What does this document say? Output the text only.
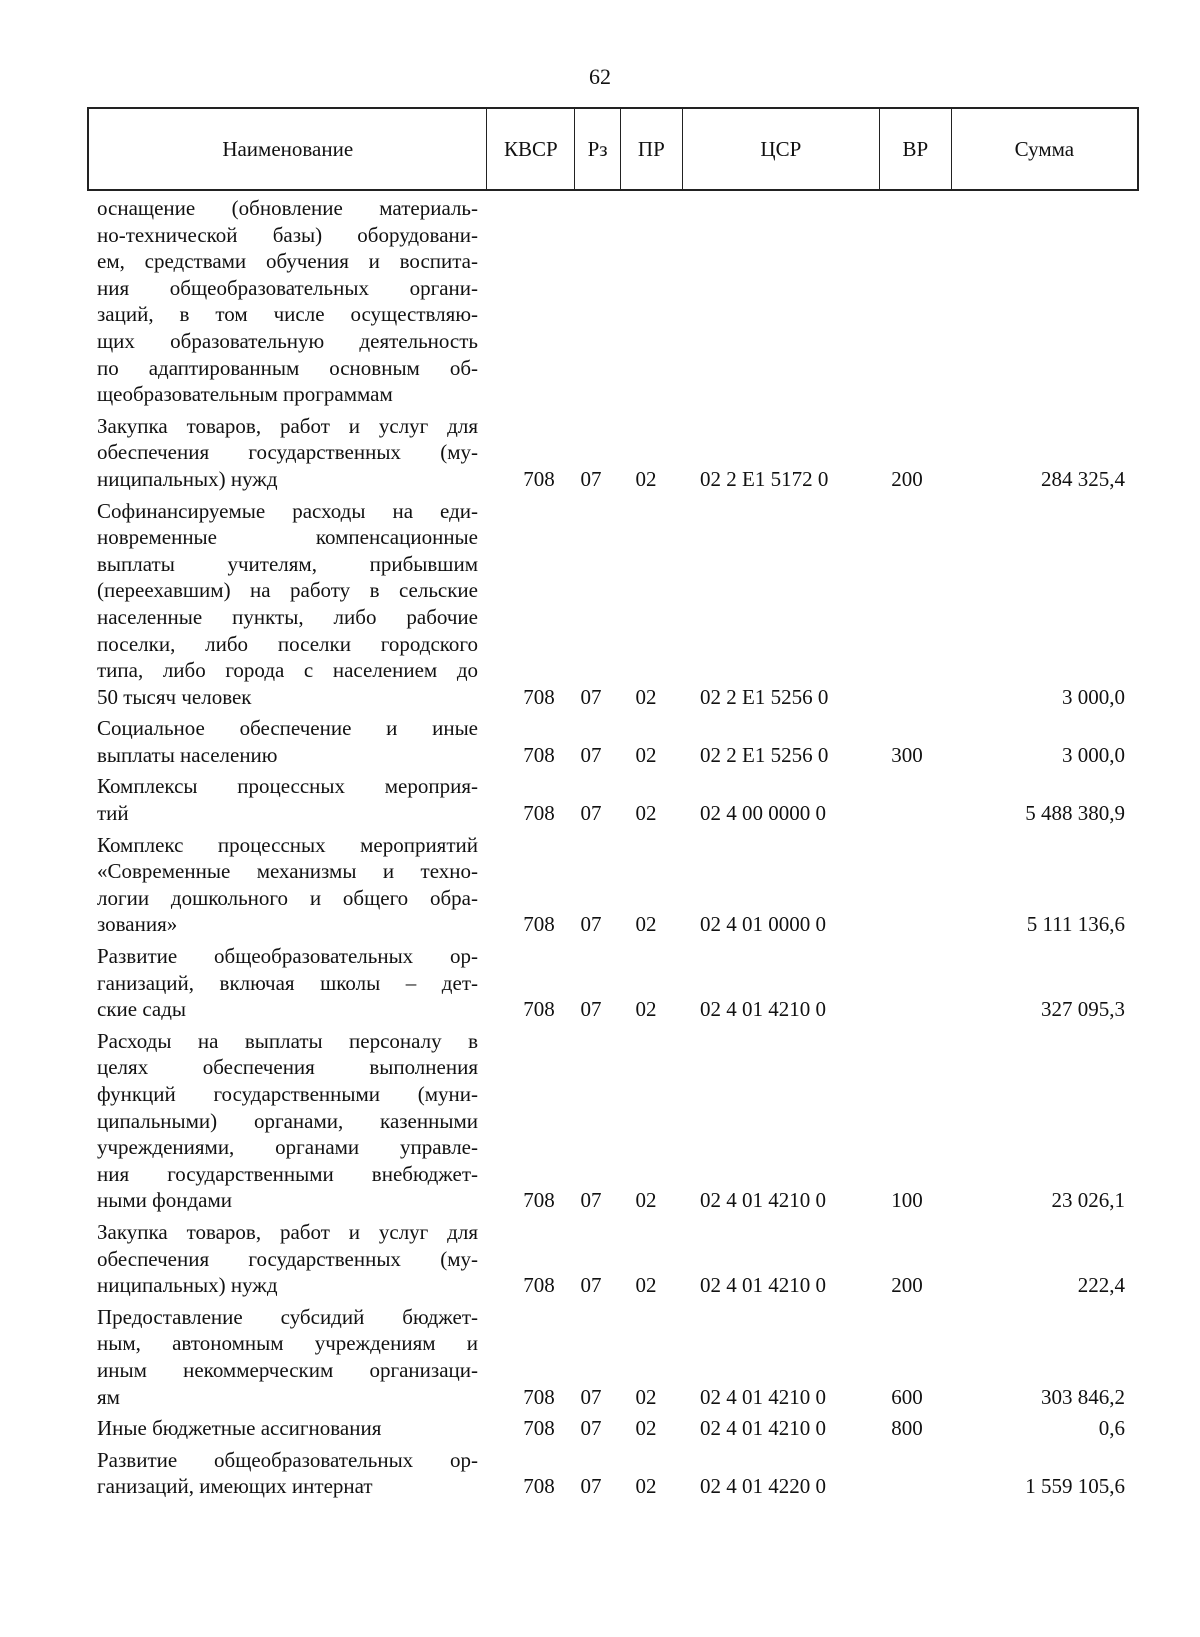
62
Наименование	КВСР	Рз	ПР	ЦСР	ВР	Сумма
оснащение (обновление материаль-
но-технической базы) оборудовани-
ем, средствами обучения и воспита-
ния общеобразовательных органи-
заций, в том числе осуществляю-
щих образовательную деятельность
по адаптированным основным об-
щеобразовательным программам
Закупка товаров, работ и услуг для
обеспечения государственных (му-
ниципальных) нужд	708	07	02	02 2 Е1 5172 0	200	284 325,4
Софинансируемые расходы на еди-
новременные компенсационные
выплаты учителям, прибывшим
(переехавшим) на работу в сельские
населенные пункты, либо рабочие
поселки, либо поселки городского
типа, либо города с населением до
50 тысяч человек	708	07	02	02 2 Е1 5256 0	3 000,0
Социальное обеспечение и иные
выплаты населению	708	07	02	02 2 Е1 5256 0	300	3 000,0
Комплексы процессных мероприя-
тий	708	07	02	02 4 00 0000 0	5 488 380,9
Комплекс процессных мероприятий
«Современные механизмы и техно-
логии дошкольного и общего обра-
зования»	708	07	02	02 4 01 0000 0	5 111 136,6
Развитие общеобразовательных ор-
ганизаций, включая школы – дет-
ские сады	708	07	02	02 4 01 4210 0	327 095,3
Расходы на выплаты персоналу в
целях обеспечения выполнения
функций государственными (муни-
ципальными) органами, казенными
учреждениями, органами управле-
ния государственными внебюджет-
ными фондами	708	07	02	02 4 01 4210 0	100	23 026,1
Закупка товаров, работ и услуг для
обеспечения государственных (му-
ниципальных) нужд	708	07	02	02 4 01 4210 0	200	222,4
Предоставление субсидий бюджет-
ным, автономным учреждениям и
иным некоммерческим организаци-
ям	708	07	02	02 4 01 4210 0	600	303 846,2
Иные бюджетные ассигнования	708	07	02	02 4 01 4210 0	800	0,6
Развитие общеобразовательных ор-
ганизаций, имеющих интернат	708	07	02	02 4 01 4220 0	1 559 105,6
